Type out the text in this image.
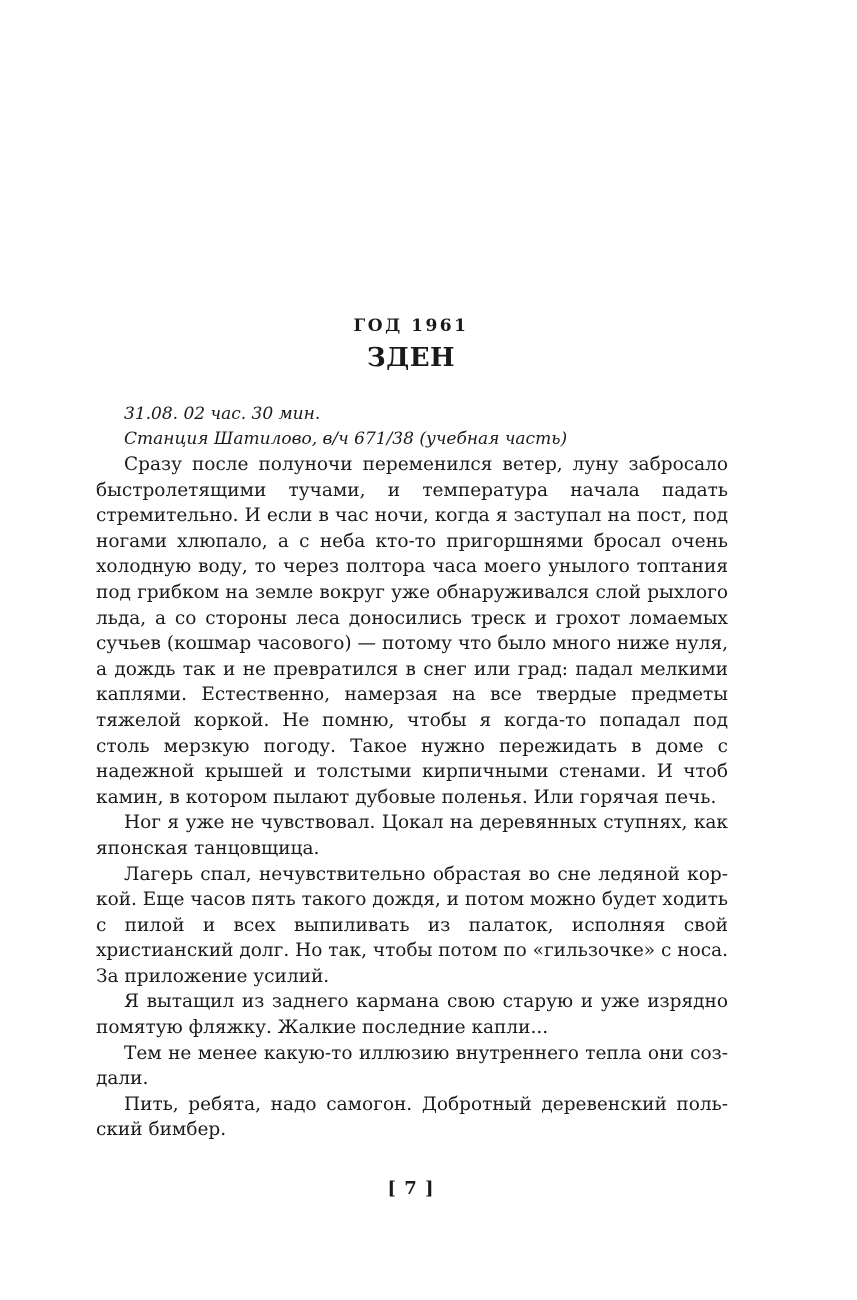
ГОД 1961
ЗДЕН
31.08. 02 час. 30 мин.
Станция Шатилово, в/ч 671/38 (учебная часть)

Сразу после полуночи переменился ветер, луну забросало быстролетящими тучами, и температура начала падать стремительно. И если в час ночи, когда я заступал на пост, под ногами хлюпало, а с неба кто-то пригоршнями бросал очень холодную воду, то через полтора часа моего унылого топтания под грибком на земле вокруг уже обнаруживался слой рыхлого льда, а со стороны леса доносились треск и грохот ломаемых сучьев (кошмар часового) — потому что было много ниже нуля, а дождь так и не превратился в снег или град: падал мелкими каплями. Естественно, намерзая на все твердые предметы тяжелой коркой. Не помню, чтобы я когда-то попадал под столь мерзкую погоду. Такое нужно пережидать в доме с надежной крышей и толстыми кирпичными стенами. И чтоб камин, в котором пылают дубовые поленья. Или горячая печь.

Ног я уже не чувствовал. Цокал на деревянных ступнях, как японская танцовщица.

Лагерь спал, нечувствительно обрастая во сне ледяной коркой. Еще часов пять такого дождя, и потом можно будет ходить с пилой и всех выпиливать из палаток, исполняя свой христианский долг. Но так, чтобы потом по «гильзочке» с носа. За приложение усилий.

Я вытащил из заднего кармана свою старую и уже изрядно помятую фляжку. Жалкие последние капли...

Тем не менее какую-то иллюзию внутреннего тепла они создали.

Пить, ребята, надо самогон. Добротный деревенский польский бимбер.

[ 7 ]
